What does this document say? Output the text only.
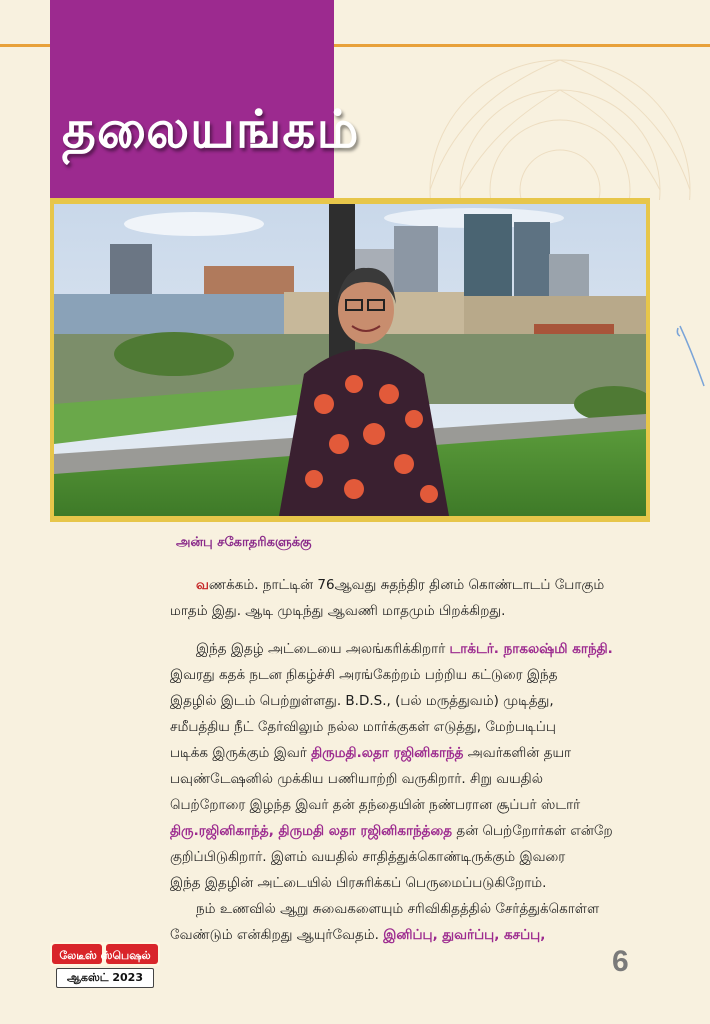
தலையங்கம்
அன்பு சகோதரிகளுக்கு
வணக்கம். நாட்டின் 76ஆவது சுதந்திர தினம் கொண்டாடப் போகும்
மாதம் இது. ஆடி முடிந்து ஆவணி மாதமும் பிறக்கிறது.
இந்த இதழ் அட்டையை அலங்கரிக்கிறார் டாக்டர். நாகலஷ்மி காந்தி.
இவரது கதக் நடன நிகழ்ச்சி அரங்கேற்றம் பற்றிய கட்டுரை இந்த
இதழில் இடம் பெற்றுள்ளது. B.D.S., (பல் மருத்துவம்) முடித்து,
சமீபத்திய நீட் தேர்விலும் நல்ல மார்க்குகள் எடுத்து, மேற்படிப்பு
படிக்க இருக்கும் இவர் திருமதி.லதா ரஜினிகாந்த் அவர்களின் தயா
பவுண்டேஷனில் முக்கிய பணியாற்றி வருகிறார். சிறு வயதில்
பெற்றோரை இழந்த இவர் தன் தந்தையின் நண்பரான சூப்பர் ஸ்டார்
திரு.ரஜினிகாந்த், திருமதி லதா ரஜினிகாந்த்தை தன் பெற்றோர்கள் என்றே
குறிப்பிடுகிறார். இளம் வயதில் சாதித்துக்கொண்டிருக்கும் இவரை
இந்த இதழின் அட்டையில் பிரசுரிக்கப் பெருமைப்படுகிறோம்.
நம் உணவில் ஆறு சுவைகளையும் சரிவிகிதத்தில் சேர்த்துக்கொள்ள
வேண்டும் என்கிறது ஆயுர்வேதம். இனிப்பு, துவர்ப்பு, கசப்பு,
லேடீஸ் ஸ்பெஷல்
ஆகஸ்ட் 2023	6
